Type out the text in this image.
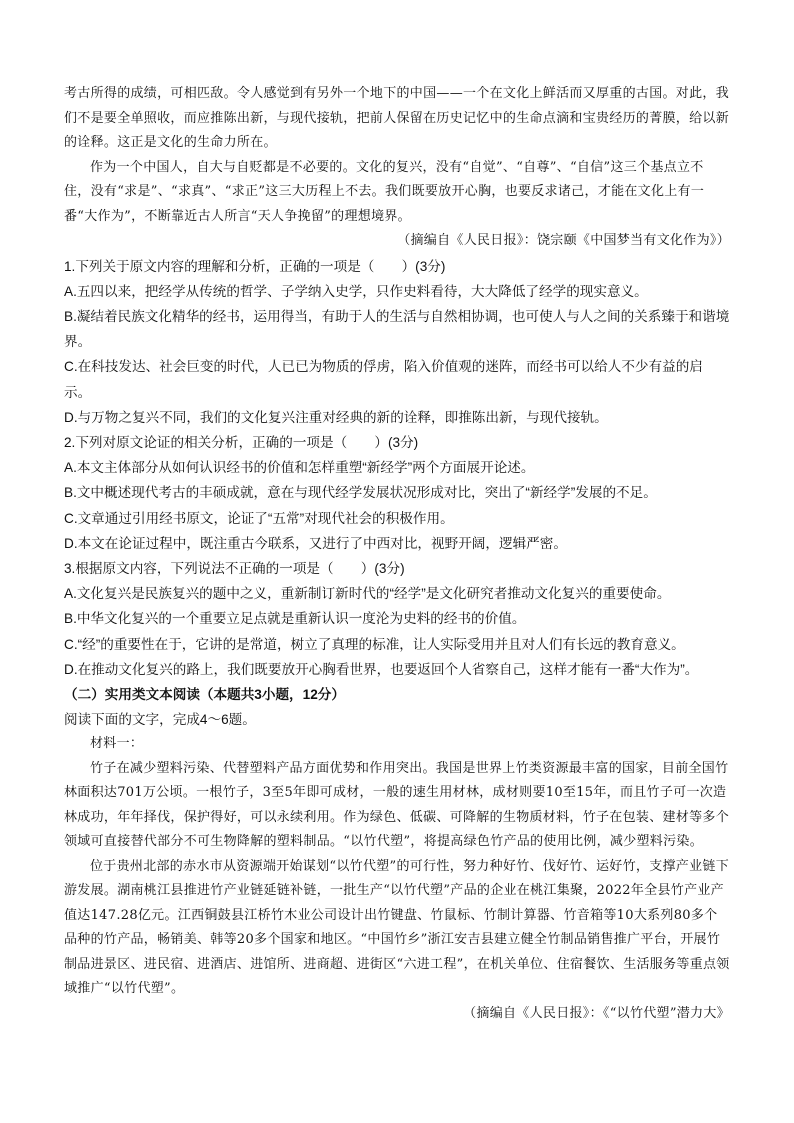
考古所得的成绩，可相匹敌。令人感觉到有另外一个地下的中国——一个在文化上鲜活而又厚重的古国。对此，我们不是要全单照收，而应推陈出新，与现代接轨，把前人保留在历史记忆中的生命点滴和宝贵经历的菁膜，给以新的诠释。这正是文化的生命力所在。

作为一个中国人，自大与自贬都是不必要的。文化的复兴，没有“自觉”、“自尊”、“自信”这三个基点立不住，没有“求是”、“求真”、“求正”这三大历程上不去。我们既要放开心胸，也要反求诸己，才能在文化上有一番“大作为”，不断靠近古人所言“天人争挽留”的理想境界。

（摘编自《人民日报》：饶宗颐《中国梦当有文化作为》）

1.下列关于原文内容的理解和分析，正确的一项是（　　）(3分)

A.五四以来，把经学从传统的哲学、子学纳入史学，只作史料看待，大大降低了经学的现实意义。

B.凝结着民族文化精华的经书，运用得当，有助于人的生活与自然相协调，也可使人与人之间的关系臻于和谐境界。

C.在科技发达、社会巨变的时代，人已已为物质的俘虏，陷入价值观的迷阵，而经书可以给人不少有益的启示。

D.与万物之复兴不同，我们的文化复兴注重对经典的新的诠释，即推陈出新，与现代接轨。

2.下列对原文论证的相关分析，正确的一项是（　　）(3分)

A.本文主体部分从如何认识经书的价值和怎样重塑“新经学”两个方面展开论述。

B.文中概述现代考古的丰硕成就，意在与现代经学发展状况形成对比，突出了“新经学”发展的不足。

C.文章通过引用经书原文，论证了“五常”对现代社会的积极作用。

D.本文在论证过程中，既注重古今联系，又进行了中西对比，视野开阔，逻辑严密。

3.根据原文内容，下列说法不正确的一项是（　　）(3分)

A.文化复兴是民族复兴的题中之义，重新制订新时代的“经学”是文化研究者推动文化复兴的重要使命。

B.中华文化复兴的一个重要立足点就是重新认识一度沦为史料的经书的价值。

C.“经”的重要性在于，它讲的是常道，树立了真理的标准，让人实际受用并且对人们有长远的教育意义。

D.在推动文化复兴的路上，我们既要放开心胸看世界，也要返回个人省察自己，这样才能有一番“大作为”。

（二）实用类文本阅读（本题共3小题，12分）

阅读下面的文字，完成4～6题。

材料一：

竹子在减少塑料污染、代替塑料产品方面优势和作用突出。我国是世界上竹类资源最丰富的国家，目前全国竹林面积达701万公顷。一根竹子，3至5年即可成材，一般的速生用材林，成材则要10至15年，而且竹子可一次造林成功，年年择伐，保护得好，可以永续利用。作为绿色、低碳、可降解的生物质材料，竹子在包装、建材等多个领域可直接替代部分不可生物降解的塑料制品。“以竹代塑”，将提高绿色竹产品的使用比例，减少塑料污染。

位于贵州北部的赤水市从资源端开始谋划“以竹代塑”的可行性，努力种好竹、伐好竹、运好竹，支撑产业链下游发展。湖南桃江县推进竹产业链延链补链，一批生产“以竹代塑”产品的企业在桃江集聚，2022年全县竹产业产值达147.28亿元。江西铜鼓县江桥竹木业公司设计出竹键盘、竹鼠标、竹制计算器、竹音箱等10大系列80多个品种的竹产品，畅销美、韩等20多个国家和地区。“中国竹乡”浙江安吉县建立健全竹制品销售推广平台，开展竹制品进景区、进民宿、进酒店、进馆所、进商超、进街区“六进工程”，在机关单位、住宿餐饮、生活服务等重点领域推广“以竹代塑”。

（摘编自《人民日报》：《“以竹代塑”潜力大》
